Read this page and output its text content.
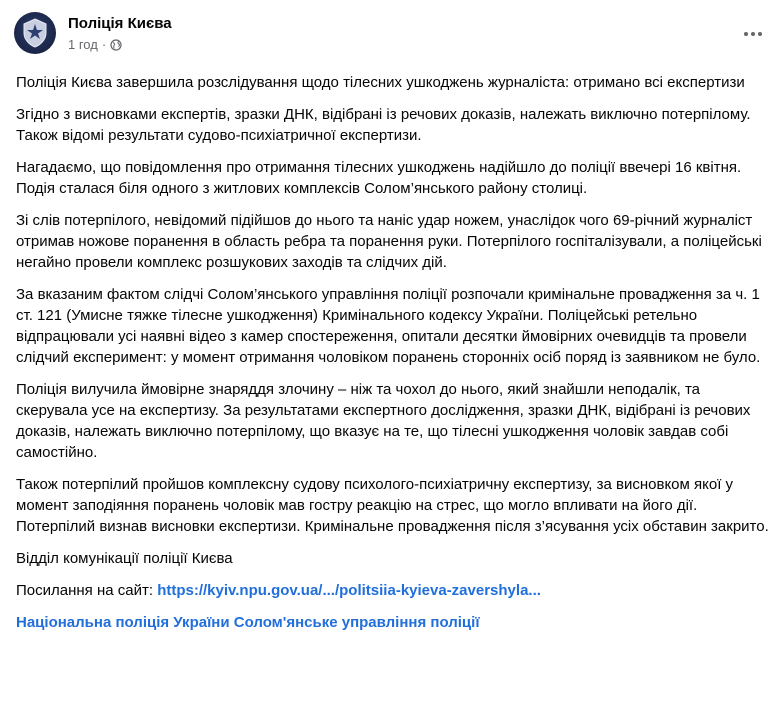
Поліція Києва
1 год ·

Поліція Києва завершила розслідування щодо тілесних ушкоджень журналіста: отримано всі експертизи

Згідно з висновками експертів, зразки ДНК, відібрані із речових доказів, належать виключно потерпілому. Також відомі результати судово-психіатричної експертизи.

Нагадаємо, що повідомлення про отримання тілесних ушкоджень надійшло до поліції ввечері 16 квітня. Подія сталася біля одного з житлових комплексів Солом’янського району столиці.

Зі слів потерпілого, невідомий підійшов до нього та наніс удар ножем, унаслідок чого 69-річний журналіст отримав ножове поранення в область ребра та поранення руки. Потерпілого госпіталізували, а поліцейські негайно провели комплекс розшукових заходів та слідчих дій.

За вказаним фактом слідчі Солом’янського управління поліції розпочали кримінальне провадження за ч. 1 ст. 121 (Умисне тяжке тілесне ушкодження) Кримінального кодексу України. Поліцейські ретельно відпрацювали усі наявні відео з камер спостереження, опитали десятки ймовірних очевидців та провели слідчий експеримент: у момент отримання чоловіком поранень сторонніх осіб поряд із заявником не було.

Поліція вилучила ймовірне знаряддя злочину – ніж та чохол до нього, який знайшли неподалік, та скерувала усе на експертизу. За результатами експертного дослідження, зразки ДНК, відібрані із речових доказів, належать виключно потерпілому, що вказує на те, що тілесні ушкодження чоловік завдав собі самостійно.

Також потерпілий пройшов комплексну судову психолого-психіатричну експертизу, за висновком якої у момент заподіяння поранень чоловік мав гостру реакцію на стрес, що могло впливати на його дії. Потерпілий визнав висновки експертизи. Кримінальне провадження після з’ясування усіх обставин закрито.

Відділ комунікації поліції Києва

Посилання на сайт: https://kyiv.npu.gov.ua/.../politsiia-kyieva-zavershyla...

Національна поліція України Солом'янське управління поліції
